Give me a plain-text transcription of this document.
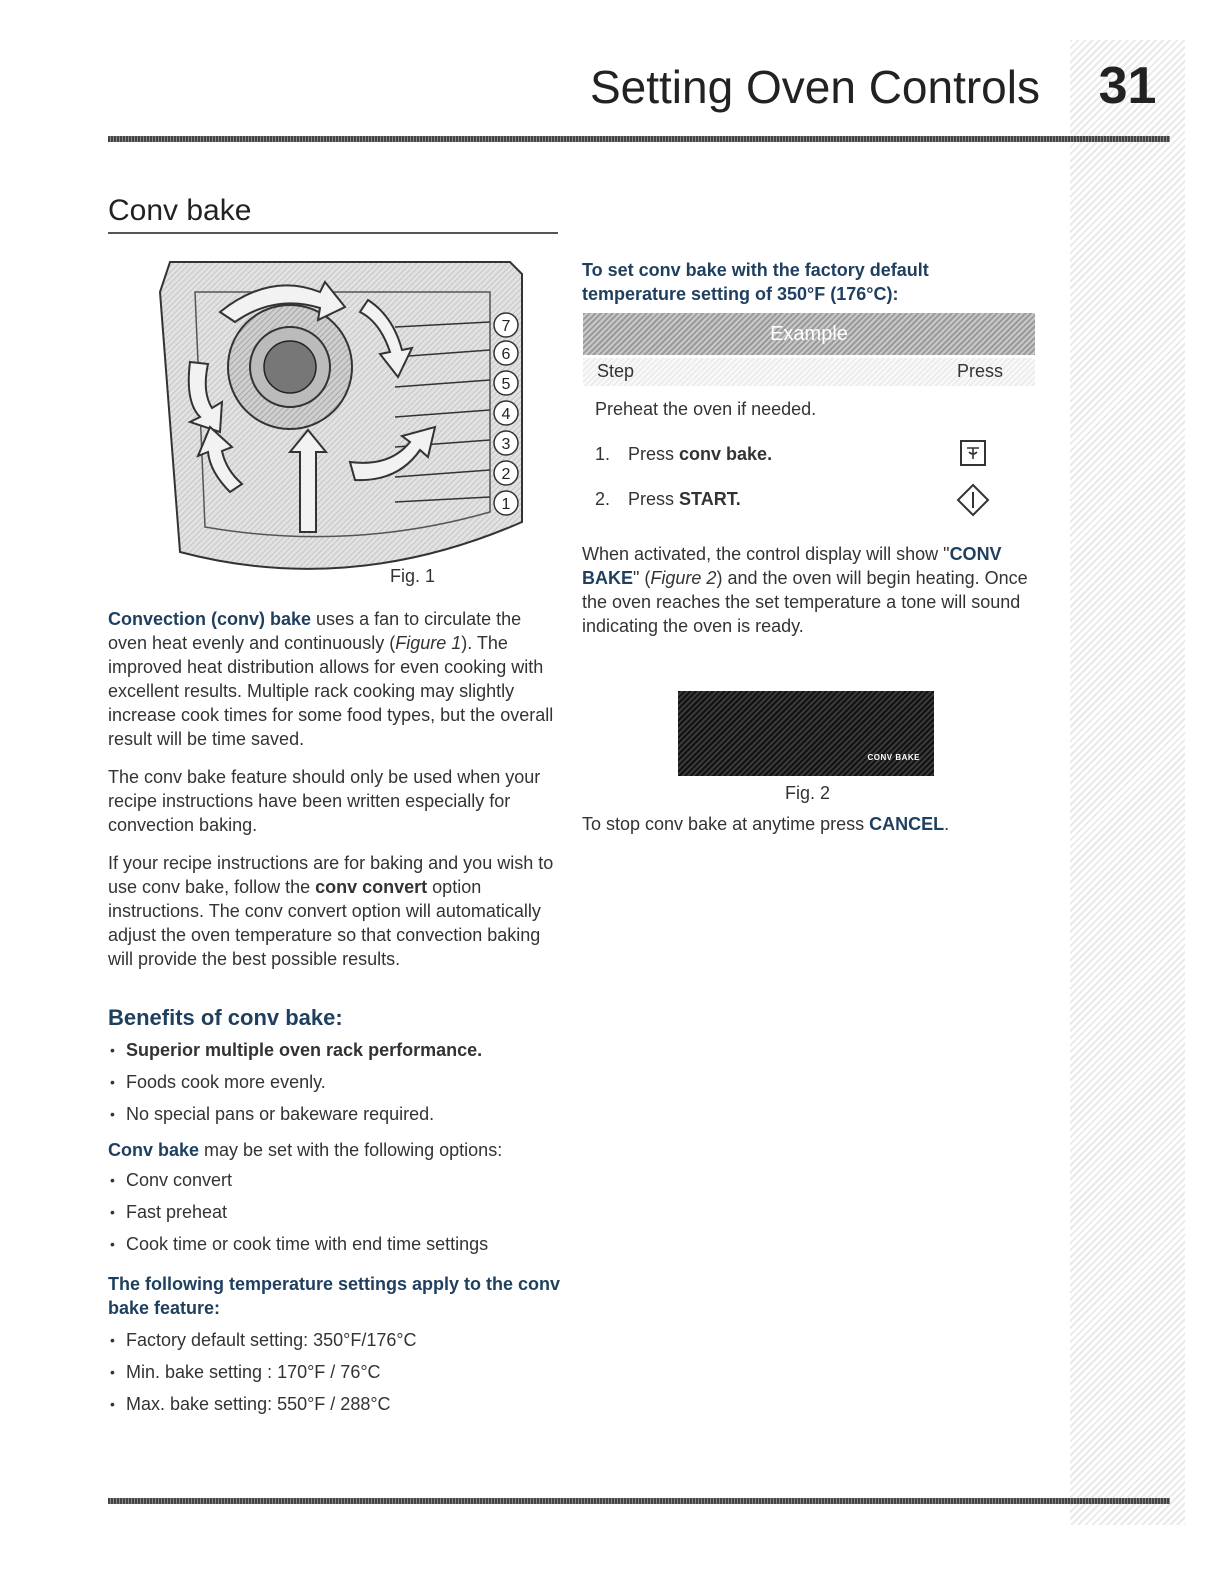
Setting Oven Controls	31
Conv bake
7
6
5
4
3
2
1
Fig. 1

Convection (conv) bake uses a fan to circulate the oven heat evenly and continuously (Figure 1). The improved heat distribution allows for even cooking with excellent results. Multiple rack cooking may slightly increase cook times for some food types, but the overall result will be time saved.

The conv bake feature should only be used when your recipe instructions have been written especially for convection baking.

If your recipe instructions are for baking and you wish to use conv bake, follow the conv convert option instructions. The conv convert option will automatically adjust the oven temperature so that convection baking will provide the best possible results.

Benefits of conv bake:
• Superior multiple oven rack performance.
• Foods cook more evenly.
• No special pans or bakeware required.
Conv bake may be set with the following options:
• Conv convert
• Fast preheat
• Cook time or cook time with end time settings
The following temperature settings apply to the conv bake feature:
• Factory default setting: 350°F/176°C
• Min. bake setting : 170°F / 76°C
• Max. bake setting: 550°F / 288°C
To set conv bake with the factory default temperature setting of 350°F (176°C):
Example
Step	Press
Preheat the oven if needed.
1. Press conv bake.
2. Press START.
When activated, the control display will show "CONV BAKE" (Figure 2) and the oven will begin heating. Once the oven reaches the set temperature a tone will sound indicating the oven is ready.
CONV BAKE
Fig. 2
To stop conv bake at anytime press CANCEL.
